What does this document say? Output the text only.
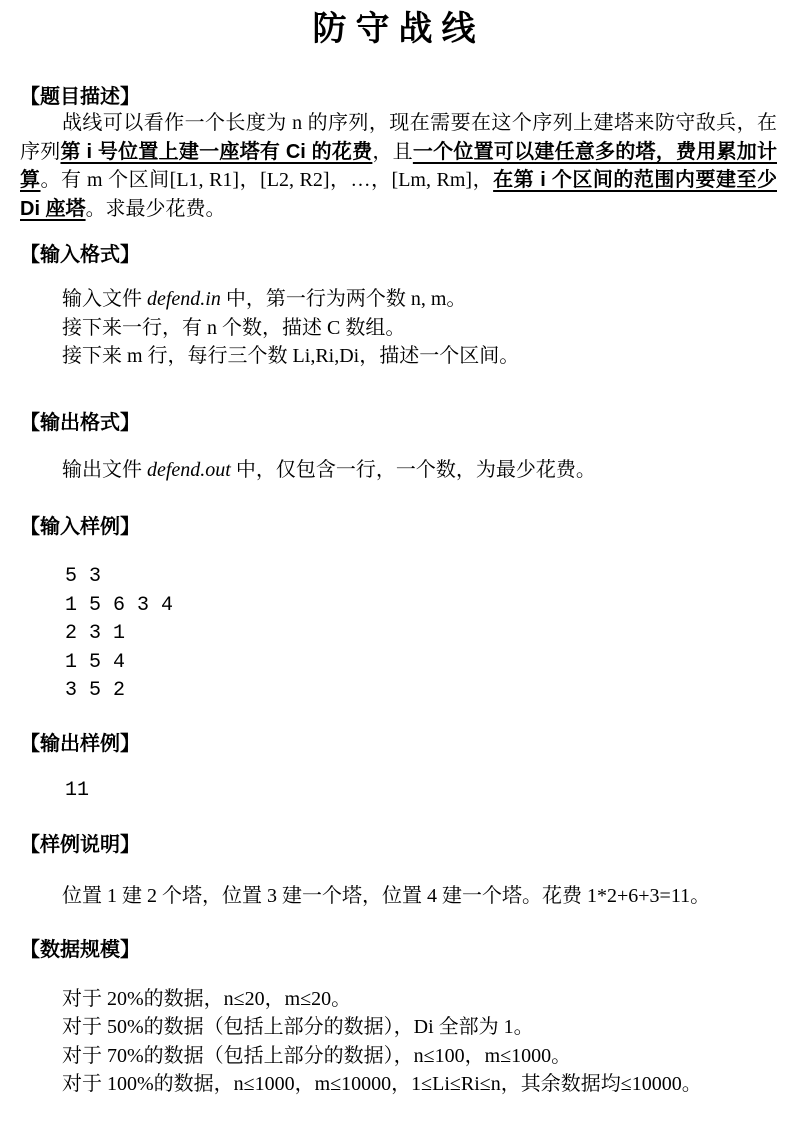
防守战线
【题目描述】

战线可以看作一个长度为 n 的序列，现在需要在这个序列上建塔来防守敌兵，在序列第 i 号位置上建一座塔有 Ci 的花费，且一个位置可以建任意多的塔，费用累加计算。有 m 个区间[L1, R1]，[L2, R2]，…，[Lm, Rm]，在第 i 个区间的范围内要建至少 Di 座塔。求最少花费。

【输入格式】

输入文件 defend.in 中，第一行为两个数 n, m。

接下来一行，有 n 个数，描述 C 数组。

接下来 m 行，每行三个数 Li,Ri,Di，描述一个区间。

【输出格式】

输出文件 defend.out 中，仅包含一行，一个数，为最少花费。

【输入样例】
5 3
1 5 6 3 4
2 3 1
1 5 4
3 5 2
【输出样例】
11
【样例说明】

位置 1 建 2 个塔，位置 3 建一个塔，位置 4 建一个塔。花费 1*2+6+3=11。

【数据规模】

对于 20%的数据，n≤20，m≤20。

对于 50%的数据（包括上部分的数据），Di 全部为 1。

对于 70%的数据（包括上部分的数据），n≤100，m≤1000。

对于 100%的数据，n≤1000，m≤10000，1≤Li≤Ri≤n，其余数据均≤10000。
